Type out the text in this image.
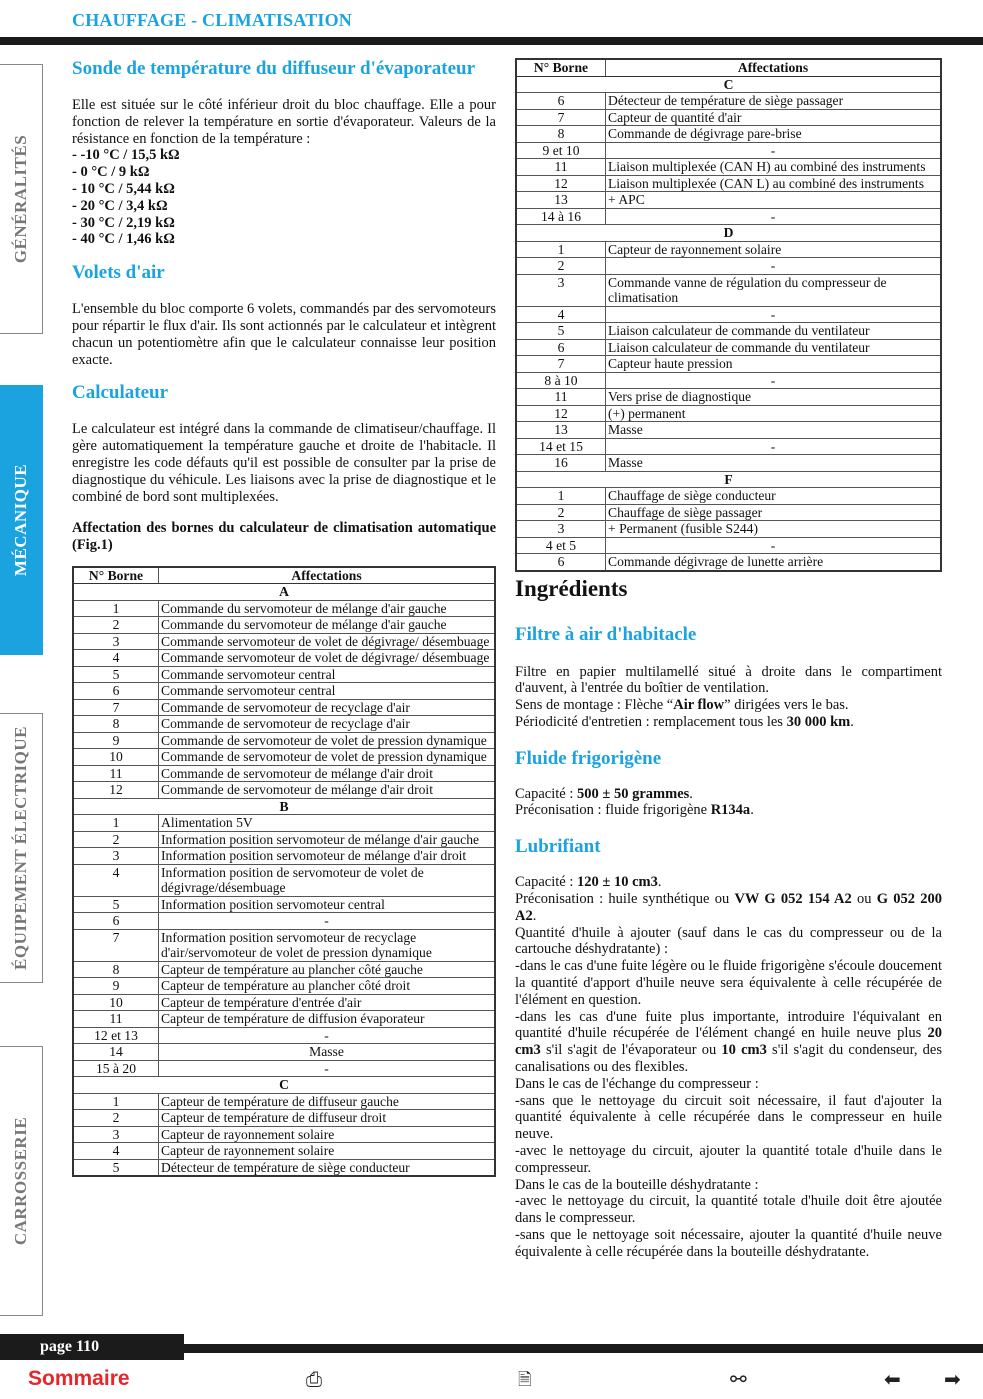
CHAUFFAGE - CLIMATISATION
GÉNÉRALITÉS
MÉCANIQUE
ÉQUIPEMENT ÉLECTRIQUE
CARROSSERIE
Sonde de température du diffuseur d'évaporateur

Elle est située sur le côté inférieur droit du bloc chauffage. Elle a pour fonction de relever la température en sortie d'évaporateur. Valeurs de la résistance en fonction de la température :

- -10 °C / 15,5 kΩ
- 0 °C / 9 kΩ
- 10 °C / 5,44 kΩ
- 20 °C / 3,4 kΩ
- 30 °C / 2,19 kΩ
- 40 °C / 1,46 kΩ
Volets d'air

L'ensemble du bloc comporte 6 volets, commandés par des servomoteurs pour répartir le flux d'air. Ils sont actionnés par le calculateur et intègrent chacun un potentiomètre afin que le calculateur connaisse leur position exacte.

Calculateur

Le calculateur est intégré dans la commande de climatiseur/chauffage. Il gère automatiquement la température gauche et droite de l'habitacle. Il enregistre les code défauts qu'il est possible de consulter par la prise de diagnostique du véhicule. Les liaisons avec la prise de diagnostique et le combiné de bord sont multiplexées.

Affectation des bornes du calculateur de climatisation automatique (Fig.1)

N° Borne	Affectations
A	
1	Commande du servomoteur de mélange d'air gauche
2	Commande du servomoteur de mélange d'air gauche
3	Commande servomoteur de volet de dégivrage/ désembuage
4	Commande servomoteur de volet de dégivrage/ désembuage
5	Commande servomoteur central
6	Commande servomoteur central
7	Commande de servomoteur de recyclage d'air
8	Commande de servomoteur de recyclage d'air
9	Commande de servomoteur de volet de pression dynamique
10	Commande de servomoteur de volet de pression dynamique
11	Commande de servomoteur de mélange d'air droit
12	Commande de servomoteur de mélange d'air droit
B	
1	Alimentation 5V
2	Information position servomoteur de mélange d'air gauche
3	Information position servomoteur de mélange d'air droit
4	Information position de servomoteur de volet de dégivrage/désembuage
5	Information position servomoteur central
6	-
7	Information position servomoteur de recyclage d'air/servomoteur de volet de pression dynamique
8	Capteur de température au plancher côté gauche
9	Capteur de température au plancher côté droit
10	Capteur de température d'entrée d'air
11	Capteur de température de diffusion évaporateur
12 et 13	-
14	Masse
15 à 20	-
C	
1	Capteur de température de diffuseur gauche
2	Capteur de température de diffuseur droit
3	Capteur de rayonnement solaire
4	Capteur de rayonnement solaire
5	Détecteur de température de siège conducteur
N° Borne	Affectations
C	
6	Détecteur de température de siège passager
7	Capteur de quantité d'air
8	Commande de dégivrage pare-brise
9 et 10	-
11	Liaison multiplexée (CAN H) au combiné des instruments
12	Liaison multiplexée (CAN L) au combiné des instruments
13	+ APC
14 à 16	-
D	
1	Capteur de rayonnement solaire
2	-
3	Commande vanne de régulation du compresseur de climatisation
4	-
5	Liaison calculateur de commande du ventilateur
6	Liaison calculateur de commande du ventilateur
7	Capteur haute pression
8 à 10	-
11	Vers prise de diagnostique
12	(+) permanent
13	Masse
14 et 15	-
16	Masse
F	
1	Chauffage de siège conducteur
2	Chauffage de siège passager
3	+ Permanent (fusible S244)
4 et 5	-
6	Commande dégivrage de lunette arrière
Ingrédients
Filtre à air d'habitacle

Filtre en papier multilamellé situé à droite dans le compartiment d'auvent, à l'entrée du boîtier de ventilation.

Sens de montage : Flèche “Air flow” dirigées vers le bas.

Périodicité d'entretien : remplacement tous les 30 000 km.

Fluide frigorigène

Capacité : 500 ± 50 grammes.

Préconisation : fluide frigorigène R134a.

Lubrifiant

Capacité : 120 ± 10 cm3.

Préconisation : huile synthétique ou VW G 052 154 A2 ou G 052 200 A2.

Quantité d'huile à ajouter (sauf dans le cas du compresseur ou de la cartouche déshydratante) :

-dans le cas d'une fuite légère ou le fluide frigorigène s'écoule doucement la quantité d'apport d'huile neuve sera équivalente à celle récupérée de l'élément en question.

-dans les cas d'une fuite plus importante, introduire l'équivalant en quantité d'huile récupérée de l'élément changé en huile neuve plus 20 cm3 s'il s'agit de l'évaporateur ou 10 cm3 s'il s'agit du condenseur, des canalisations ou des flexibles.

Dans le cas de l'échange du compresseur :

-sans que le nettoyage du circuit soit nécessaire, il faut d'ajouter la quantité équivalente à celle récupérée dans le compresseur en huile neuve.

-avec le nettoyage du circuit, ajouter la quantité totale d'huile dans le compresseur.

Dans le cas de la bouteille déshydratante :

-avec le nettoyage du circuit, la quantité totale d'huile doit être ajoutée dans le compresseur.

-sans que le nettoyage soit nécessaire, ajouter la quantité d'huile neuve équivalente à celle récupérée dans la bouteille déshydratante.

page 110
Sommaire	⎙	🗎	⚯	⬅ ➡
